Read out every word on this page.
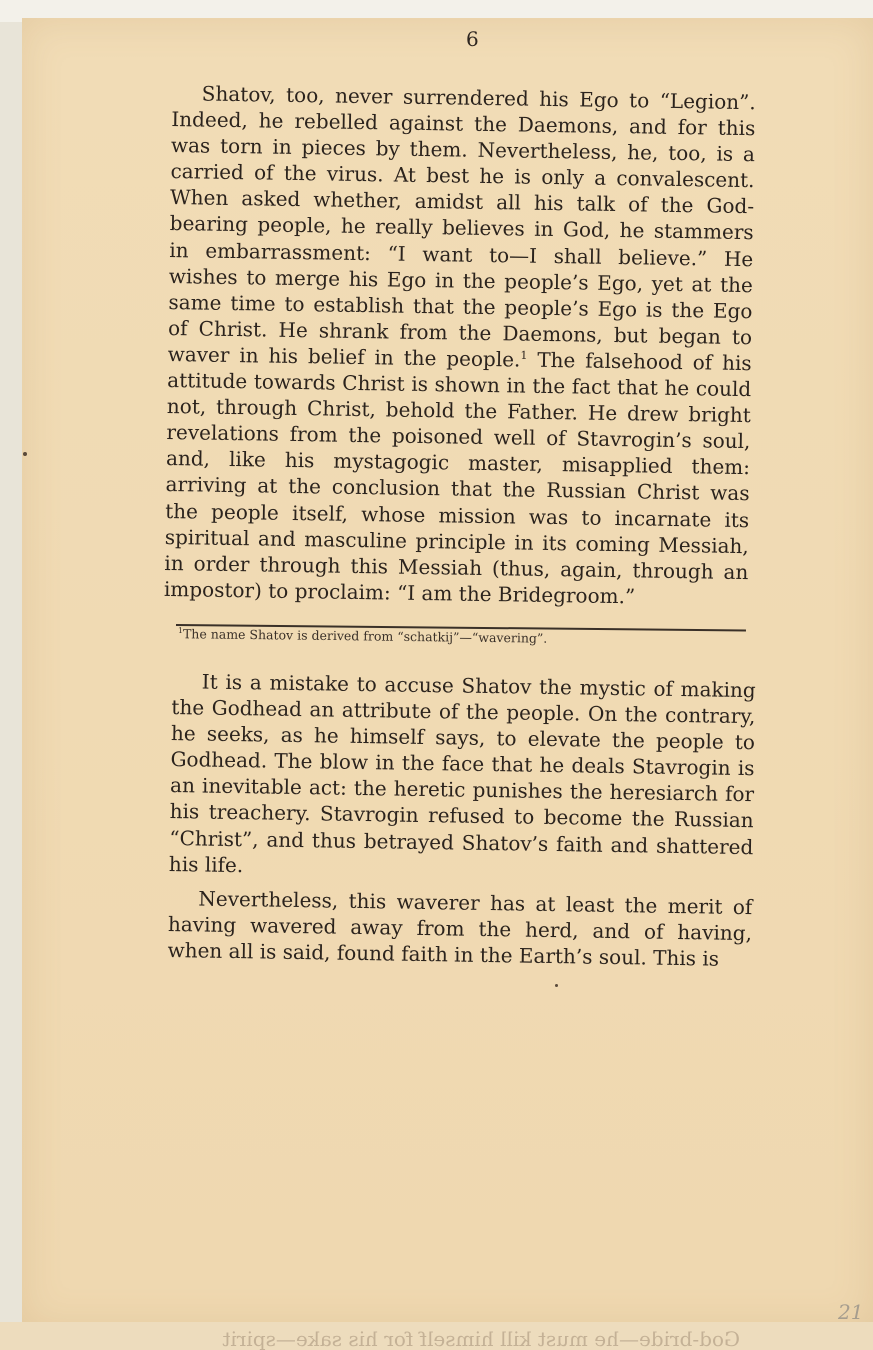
God-bride—he must kill himself for his sake—spirit
6

Shatov, too, never surrendered his Ego to “Legion”. Indeed, he rebelled against the Daemons, and for this was torn in pieces by them. Nevertheless, he, too, is a carried of the virus. At best he is only a convalescent. When asked whether, amidst all his talk of the God-bearing people, he really believes in God, he stammers in embarrassment: “I want to—I shall believe.” He wishes to merge his Ego in the people’s Ego, yet at the same time to establish that the people’s Ego is the Ego of Christ. He shrank from the Daemons, but began to waver in his belief in the people.$^1$ The falsehood of his attitude towards Christ is shown in the fact that he could not, through Christ, behold the Father. He drew bright revelations from the poisoned well of Stavrogin’s soul, and, like his mystagogic master, misapplied them: arriving at the conclusion that the Russian Christ was the people itself, whose mission was to incarnate its spiritual and masculine principle in its coming Messiah, in order through this Messiah (thus, again, through an impostor) to proclaim: “I am the Bridegroom.”

$^1$The name Shatov is derived from “schatkij”—“wavering”.

It is a mistake to accuse Shatov the mystic of making the Godhead an attribute of the people. On the contrary, he seeks, as he himself says, to elevate the people to Godhead. The blow in the face that he deals Stavrogin is an inevitable act: the heretic punishes the heresiarch for his treachery. Stavrogin refused to become the Russian “Christ”, and thus betrayed Shatov’s faith and shattered his life.

Nevertheless, this waverer has at least the merit of having wavered away from the herd, and of having, when all is said, found faith in the Earth’s soul. This is

21
